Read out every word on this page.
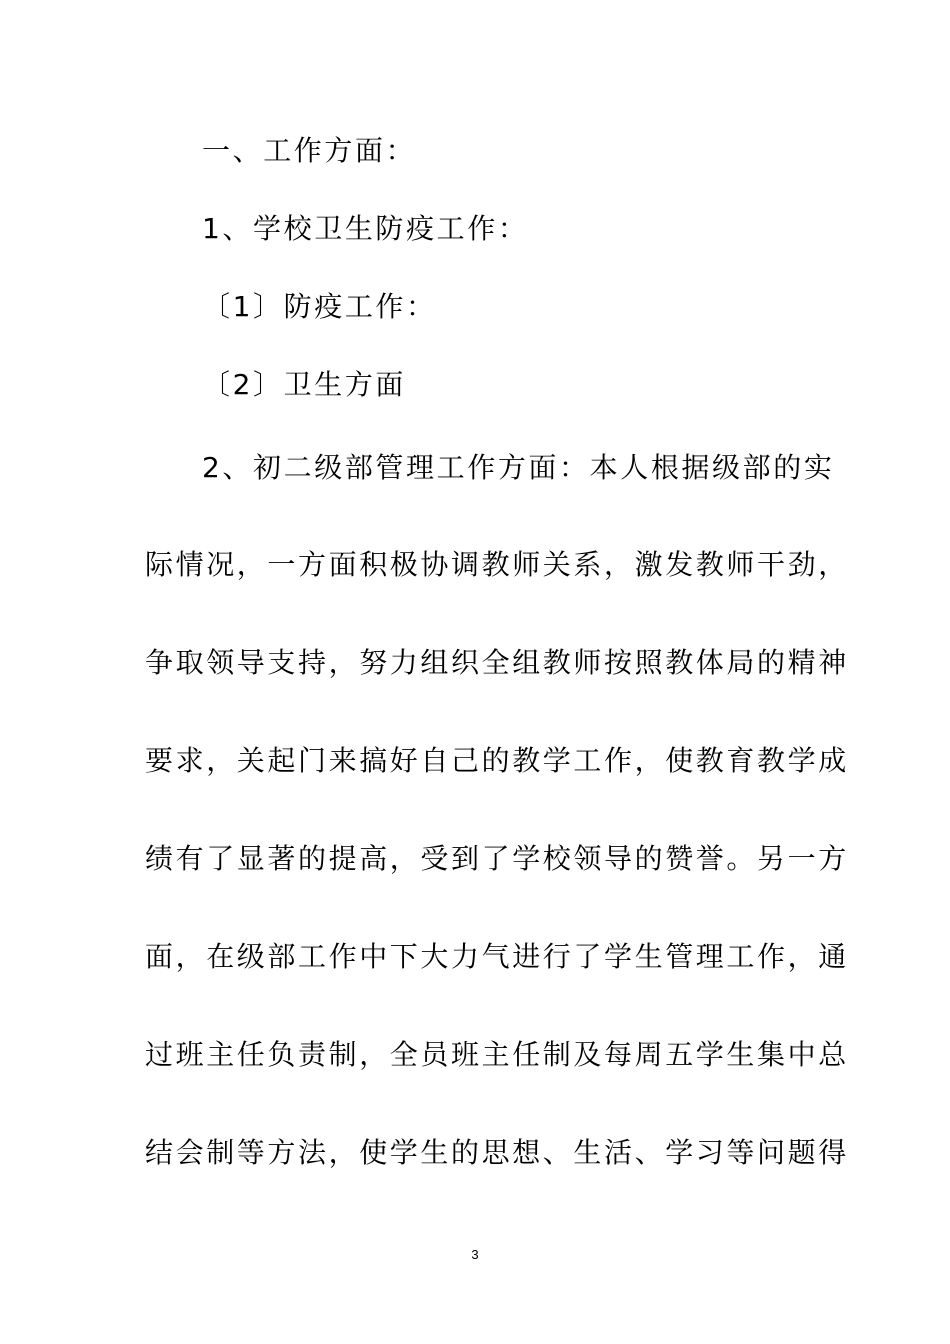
一、工作方面：
1、学校卫生防疫工作：
〔1〕防疫工作：
〔2〕卫生方面
2、初二级部管理工作方面：本人根据级部的实
际情况，一方面积极协调教师关系，激发教师干劲，
争取领导支持，努力组织全组教师按照教体局的精神
要求，关起门来搞好自己的教学工作，使教育教学成
绩有了显著的提高，受到了学校领导的赞誉。另一方
面，在级部工作中下大力气进行了学生管理工作，通
过班主任负责制，全员班主任制及每周五学生集中总
结会制等方法，使学生的思想、生活、学习等问题得
3
